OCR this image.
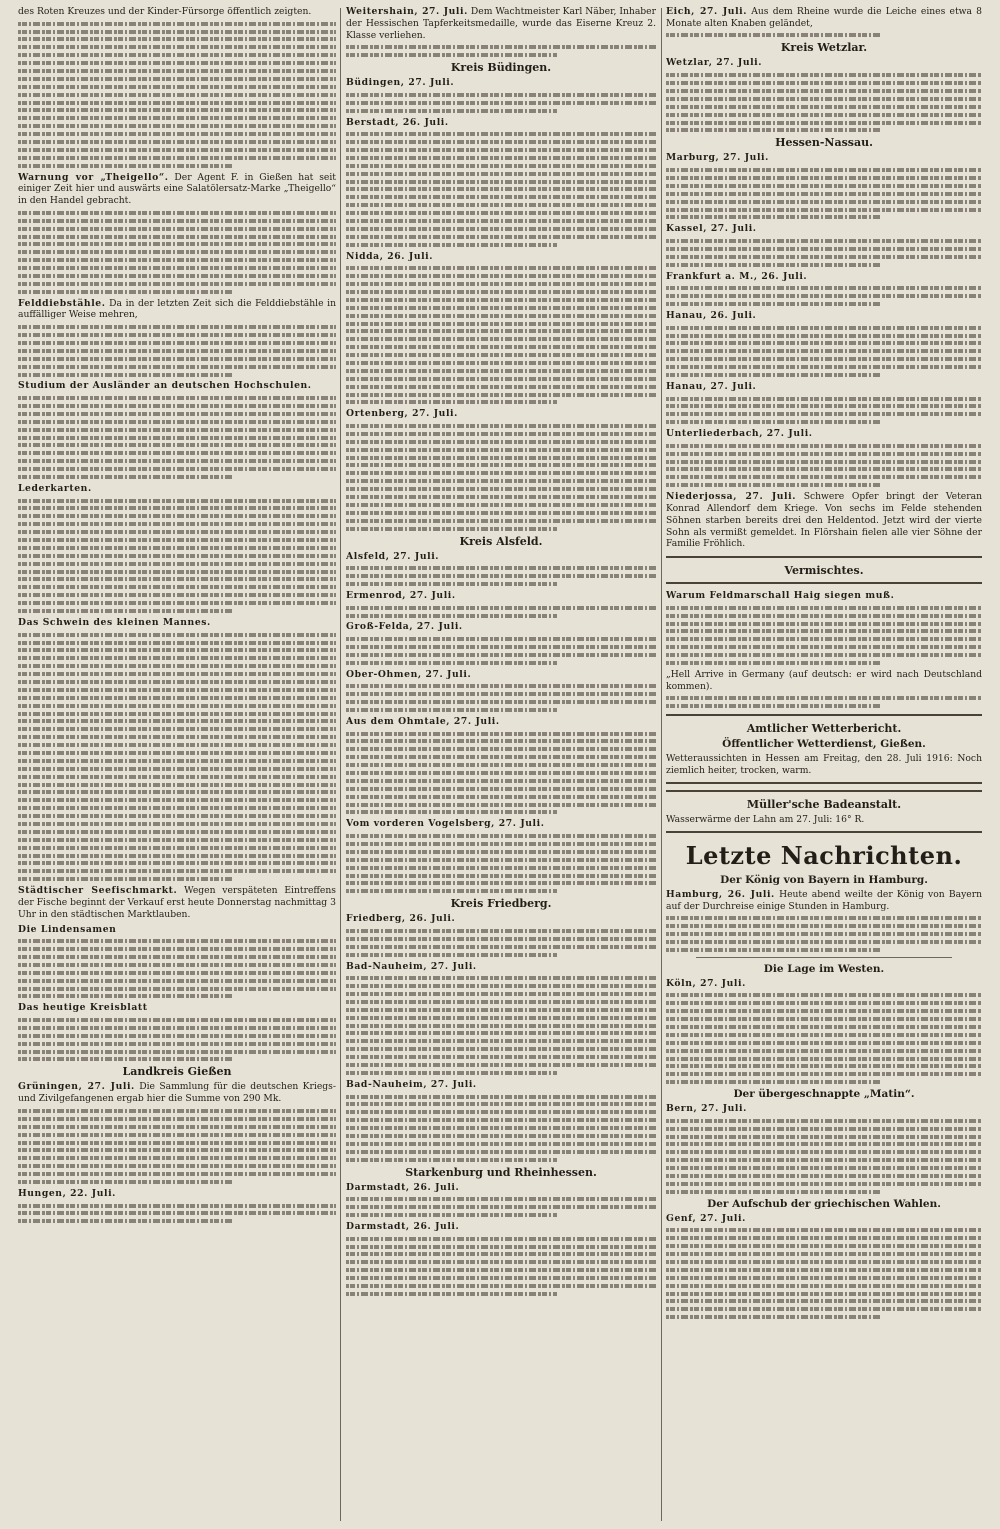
des Roten Kreuzes und der Kinder-Fürsorge öffentlich zeigten.

Warnung vor „Theigello“. Der Agent F. in Gießen hat seit einiger Zeit hier und auswärts eine Salatölersatz-Marke „Theigello“ in den Handel gebracht.

Felddiebstähle. Da in der letzten Zeit sich die Felddiebstähle in auffälliger Weise mehren,

Studium der Ausländer an deutschen Hochschulen.

Lederkarten.

Das Schwein des kleinen Mannes.

Städtischer Seefischmarkt. Wegen verspäteten Eintreffens der Fische beginnt der Verkauf erst heute Donnerstag nachmittag 3 Uhr in den städtischen Marktlauben.

Die Lindensamen

Das heutige Kreisblatt

Landkreis Gießen

Grüningen, 27. Juli. Die Sammlung für die deutschen Kriegs- und Zivilgefangenen ergab hier die Summe von 290 Mk.

Hungen, 22. Juli.

Weitershain, 27. Juli. Dem Wachtmeister Karl Näber, Inhaber der Hessischen Tapferkeitsmedaille, wurde das Eiserne Kreuz 2. Klasse verliehen.

Kreis Büdingen.

Büdingen, 27. Juli.

Berstadt, 26. Juli.

Nidda, 26. Juli.

Ortenberg, 27. Juli.

Kreis Alsfeld.

Alsfeld, 27. Juli.

Ermenrod, 27. Juli.

Groß-Felda, 27. Juli.

Ober-Ohmen, 27. Juli.

Aus dem Ohmtale, 27. Juli.

Vom vorderen Vogelsberg, 27. Juli.

Kreis Friedberg.

Friedberg, 26. Juli.

Bad-Nauheim, 27. Juli.

Bad-Nauheim, 27. Juli.

Starkenburg und Rheinhessen.

Darmstadt, 26. Juli.

Darmstadt, 26. Juli.

Eich, 27. Juli. Aus dem Rheine wurde die Leiche eines etwa 8 Monate alten Knaben geländet,

Kreis Wetzlar.

Wetzlar, 27. Juli.

Hessen-Nassau.

Marburg, 27. Juli.

Kassel, 27. Juli.

Frankfurt a. M., 26. Juli.

Hanau, 26. Juli.

Hanau, 27. Juli.

Unterliederbach, 27. Juli.

Niederjossa, 27. Juli. Schwere Opfer bringt der Veteran Konrad Allendorf dem Kriege. Von sechs im Felde stehenden Söhnen starben bereits drei den Heldentod. Jetzt wird der vierte Sohn als vermißt gemeldet. In Flörshain fielen alle vier Söhne der Familie Fröhlich.

Vermischtes.

Warum Feldmarschall Haig siegen muß.
„Hell Arrive in Germany (auf deutsch: er wird nach Deutschland kommen).

Amtlicher Wetterbericht.
Öffentlicher Wetterdienst, Gießen.

Wetteraussichten in Hessen am Freitag, den 28. Juli 1916: Noch ziemlich heiter, trocken, warm.

Müller'sche Badeanstalt.

Wasserwärme der Lahn am 27. Juli: 16° R.

Letzte Nachrichten.
Der König von Bayern in Hamburg.

Hamburg, 26. Juli. Heute abend weilte der König von Bayern auf der Durchreise einige Stunden in Hamburg.

Die Lage im Westen.

Köln, 27. Juli.

Der übergeschnappte „Matin“.

Bern, 27. Juli.

Der Aufschub der griechischen Wahlen.

Genf, 27. Juli.
